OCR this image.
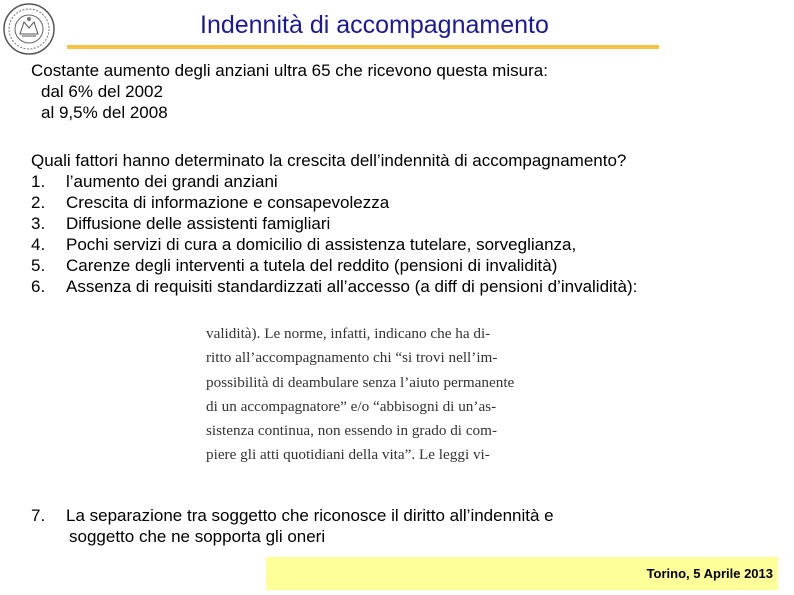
Indennità di accompagnamento
Costante aumento degli anziani ultra 65 che ricevono questa misura:
dal 6% del 2002
al 9,5% del 2008
Quali fattori hanno determinato la crescita dell’indennità di accompagnamento?
1. l’aumento dei grandi anziani
2. Crescita di informazione e consapevolezza
3. Diffusione delle assistenti famigliari
4. Pochi servizi di cura a domicilio di assistenza tutelare, sorveglianza,
5. Carenze degli interventi a tutela del reddito (pensioni di invalidità)
6. Assenza di requisiti standardizzati all’accesso (a diff di pensioni d’invalidità):
validità). Le norme, infatti, indicano che ha di-
ritto all’accompagnamento chi “si trovi nell’im-
possibilità di deambulare senza l’aiuto permanente
di un accompagnatore” e/o “abbisogni di un’as-
sistenza continua, non essendo in grado di com-
piere gli atti quotidiani della vita”. Le leggi vi-
7. La separazione tra soggetto che riconosce il diritto all’indennità e
soggetto che ne sopporta gli oneri
Torino, 5 Aprile 2013
